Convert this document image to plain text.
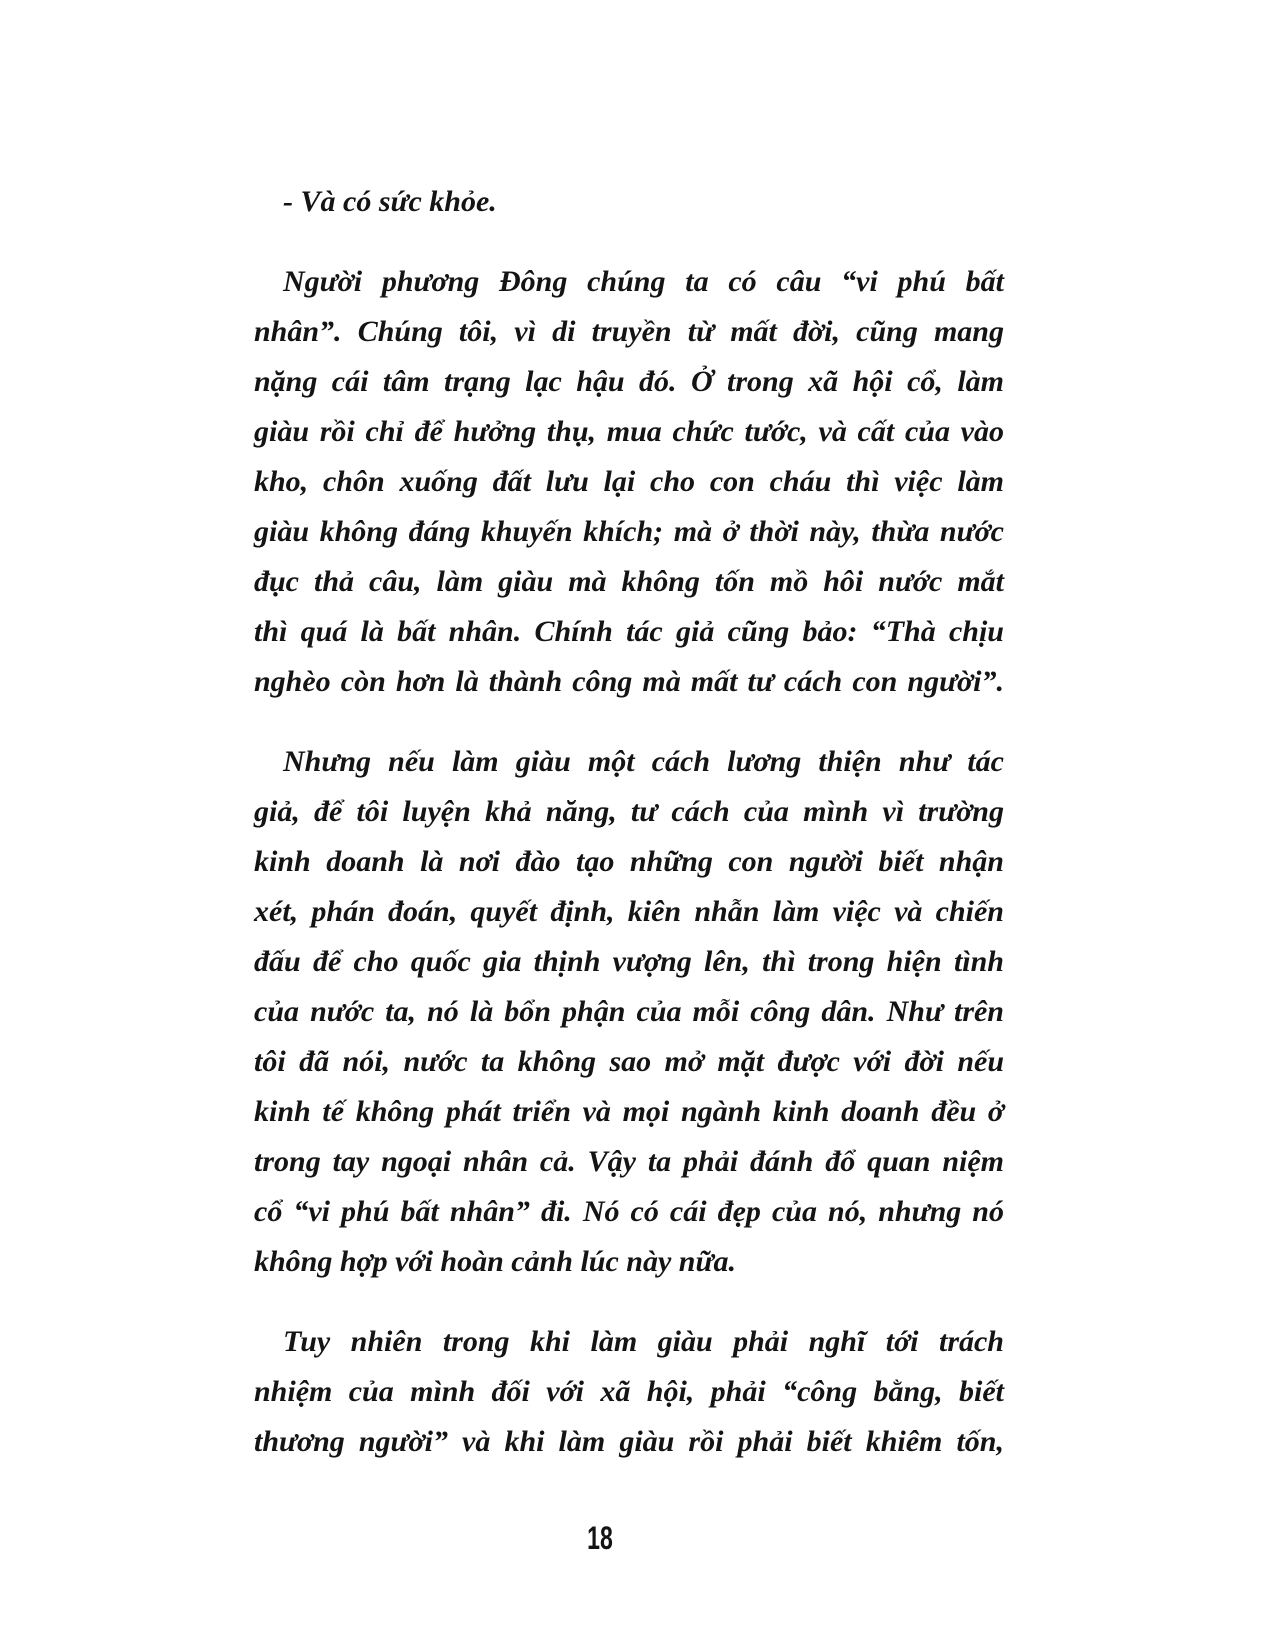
- Và có sức khỏe.
Người phương Đông chúng ta có câu “vi phú bất
nhân”. Chúng tôi, vì di truyền từ mất đời, cũng mang
nặng cái tâm trạng lạc hậu đó. Ở trong xã hội cổ, làm
giàu rồi chỉ để hưởng thụ, mua chức tước, và cất của vào
kho, chôn xuống đất lưu lại cho con cháu thì việc làm
giàu không đáng khuyến khích; mà ở thời này, thừa nước
đục thả câu, làm giàu mà không tốn mồ hôi nước mắt
thì quá là bất nhân. Chính tác giả cũng bảo: “Thà chịu
nghèo còn hơn là thành công mà mất tư cách con người”.
Nhưng nếu làm giàu một cách lương thiện như tác
giả, để tôi luyện khả năng, tư cách của mình vì trường
kinh doanh là nơi đào tạo những con người biết nhận
xét, phán đoán, quyết định, kiên nhẫn làm việc và chiến
đấu để cho quốc gia thịnh vượng lên, thì trong hiện tình
của nước ta, nó là bổn phận của mỗi công dân. Như trên
tôi đã nói, nước ta không sao mở mặt được với đời nếu
kinh tế không phát triển và mọi ngành kinh doanh đều ở
trong tay ngoại nhân cả. Vậy ta phải đánh đổ quan niệm
cổ “vi phú bất nhân” đi. Nó có cái đẹp của nó, nhưng nó
không hợp với hoàn cảnh lúc này nữa.
Tuy nhiên trong khi làm giàu phải nghĩ tới trách
nhiệm của mình đối với xã hội, phải “công bằng, biết
thương người” và khi làm giàu rồi phải biết khiêm tốn,
18
